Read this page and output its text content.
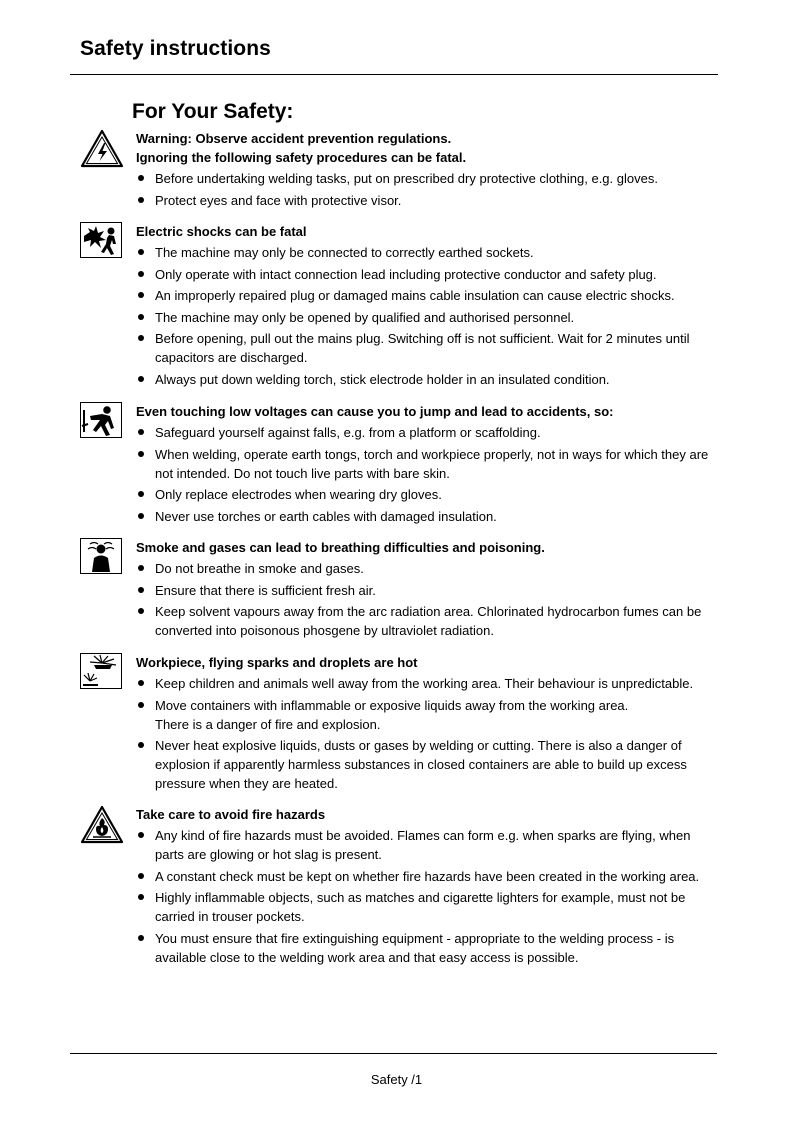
Safety instructions
For Your Safety:

Warning: Observe accident prevention regulations.

Ignoring the following safety procedures can be fatal.

Before undertaking welding tasks, put on prescribed dry protective clothing, e.g. gloves.
Protect eyes and face with protective visor.

Electric shocks can be fatal

The machine may only be connected to correctly earthed sockets.
Only operate with intact connection lead including protective conductor and safety plug.
An improperly repaired plug or damaged mains cable insulation can cause electric shocks.
The machine may only be opened by qualified and authorised personnel.
Before opening, pull out the mains plug. Switching off is not sufficient. Wait for 2 minutes until capacitors are discharged.
Always put down welding torch, stick electrode holder in an insulated condition.

Even touching low voltages can cause you to jump and lead to accidents, so:

Safeguard yourself against falls, e.g. from a platform or scaffolding.
When welding, operate earth tongs, torch and workpiece properly, not in ways for which they are not intended. Do not touch live parts with bare skin.
Only replace electrodes when wearing dry gloves.
Never use torches or earth cables with damaged insulation.

Smoke and gases can lead to breathing difficulties and poisoning.

Do not breathe in smoke and gases.
Ensure that there is sufficient fresh air.
Keep solvent vapours away from the arc radiation area. Chlorinated hydrocarbon fumes can be converted into poisonous phosgene by ultraviolet radiation.

Workpiece, flying sparks and droplets are hot

Keep children and animals well away from the working area. Their behaviour is unpredictable.
Move containers with inflammable or exposive liquids away from the working area.
There is a danger of fire and explosion.
Never heat explosive liquids, dusts or gases by welding or cutting. There is also a danger of explosion if apparently harmless substances in closed containers are able to build up excess pressure when they are heated.

Take care to avoid fire hazards

Any kind of fire hazards must be avoided. Flames can form e.g. when sparks are flying, when parts are glowing or hot slag is present.
A constant check must be kept on whether fire hazards have been created in the working area.
Highly inflammable objects, such as matches and cigarette lighters for example, must not be carried in trouser pockets.
You must ensure that fire extinguishing equipment - appropriate to the welding process - is available close to the welding work area and that easy access is possible.
Safety /1
